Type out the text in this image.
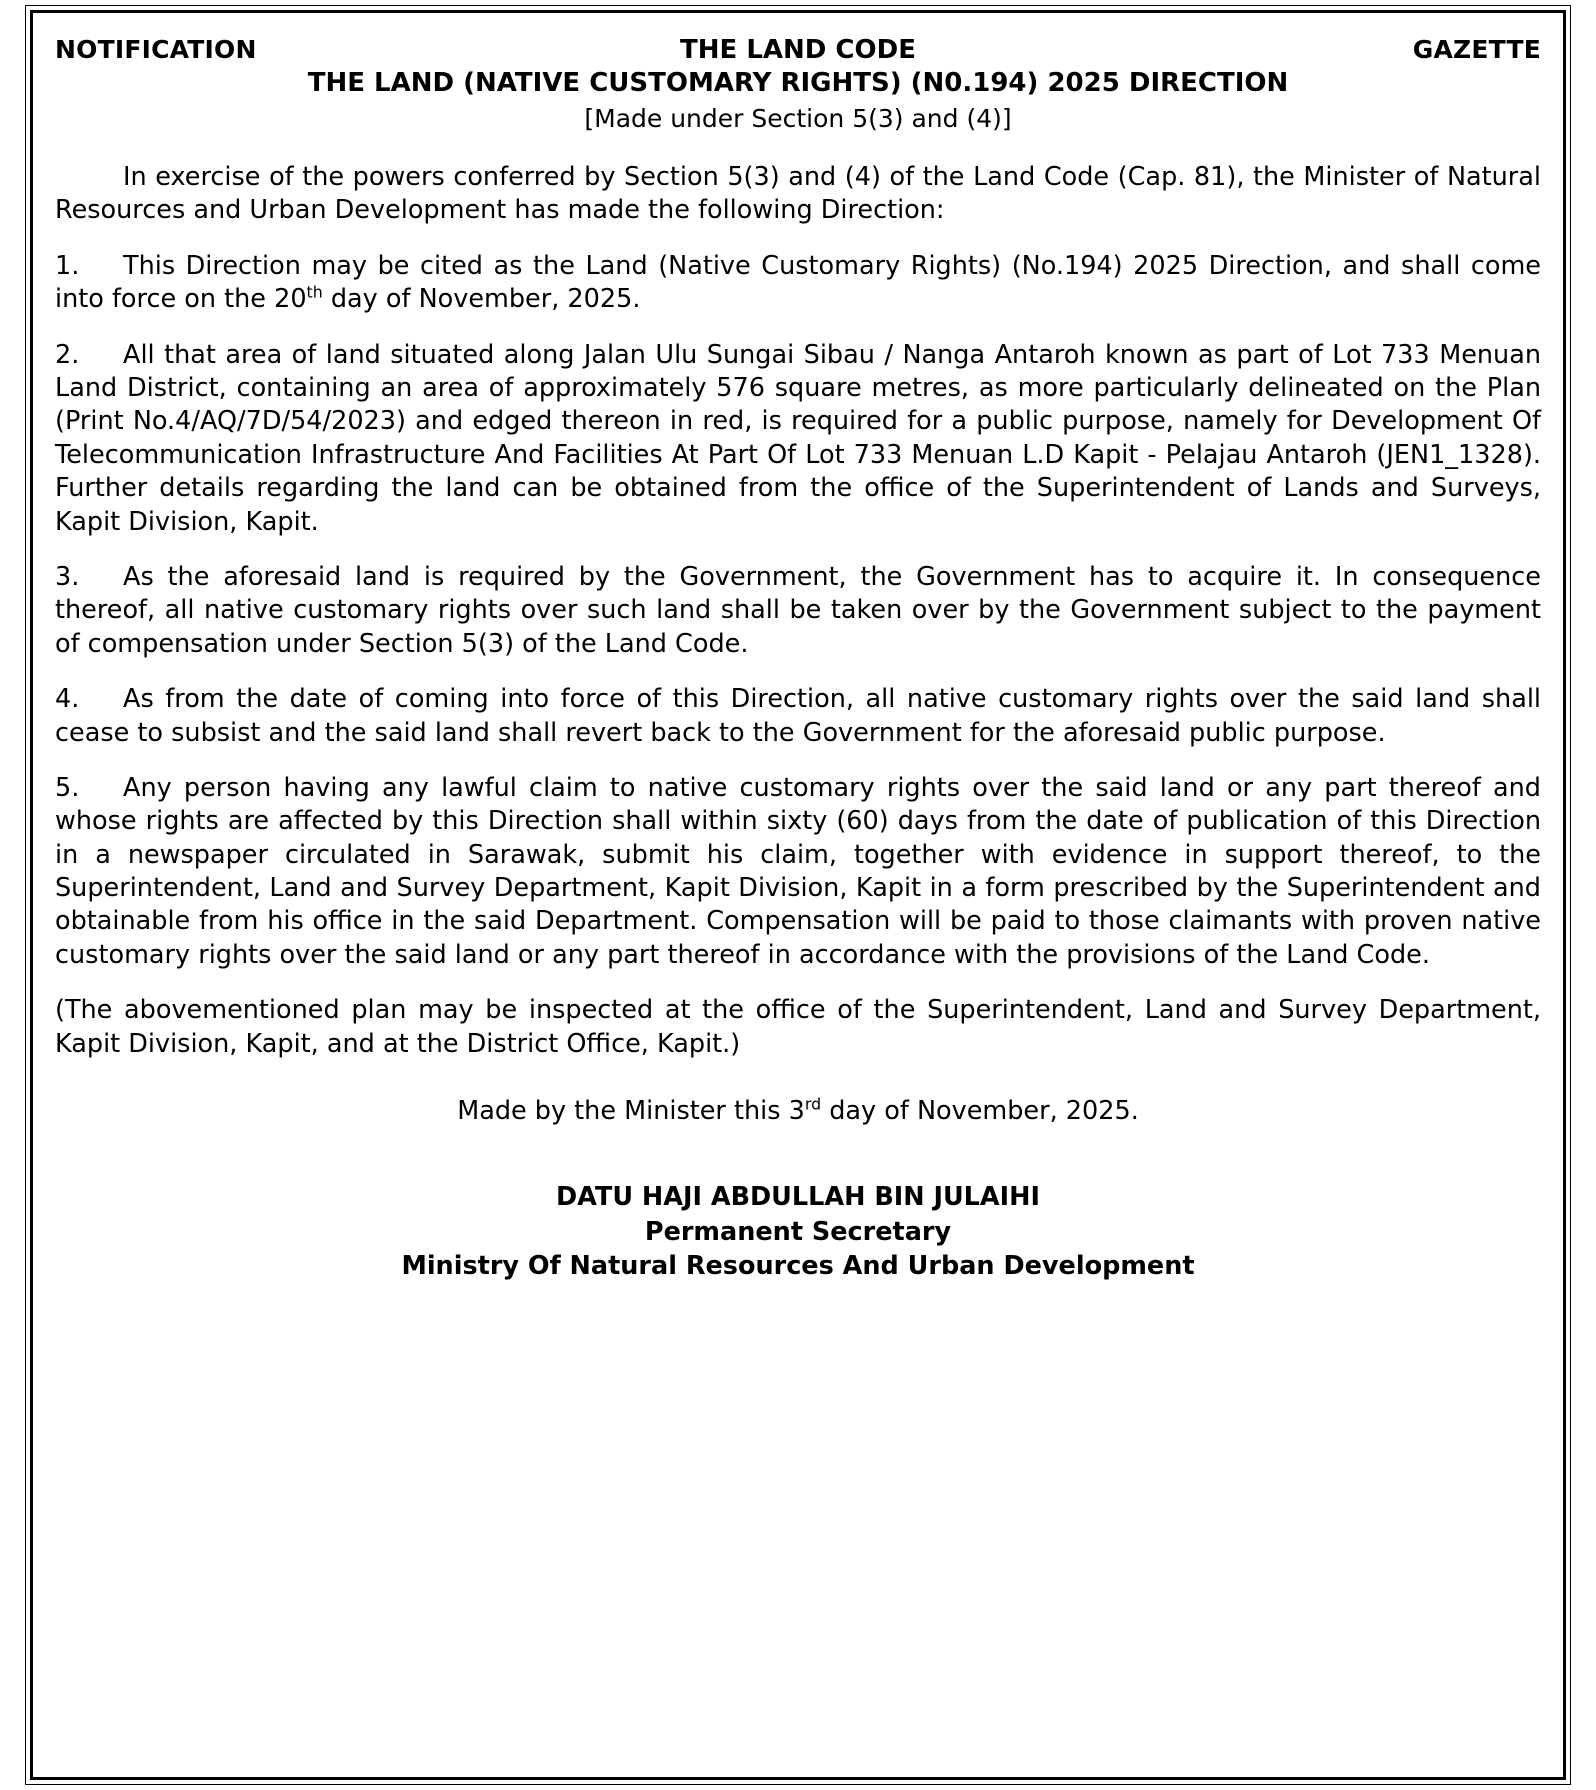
NOTIFICATION	GAZETTE
THE LAND CODE
THE LAND (NATIVE CUSTOMARY RIGHTS) (N0.194) 2025 DIRECTION
[Made under Section 5(3) and (4)]

In exercise of the powers conferred by Section 5(3) and (4) of the Land Code (Cap. 81), the Minister of Natural Resources and Urban Development has made the following Direction:

1. This Direction may be cited as the Land (Native Customary Rights) (No.194) 2025 Direction, and shall come into force on the 20th day of November, 2025.

2. All that area of land situated along Jalan Ulu Sungai Sibau / Nanga Antaroh known as part of Lot 733 Menuan Land District, containing an area of approximately 576 square metres, as more particularly delineated on the Plan (Print No.4/AQ/7D/54/2023) and edged thereon in red, is required for a public purpose, namely for Development Of Telecommunication Infrastructure And Facilities At Part Of Lot 733 Menuan L.D Kapit - Pelajau Antaroh (JEN1_1328). Further details regarding the land can be obtained from the office of the Superintendent of Lands and Surveys, Kapit Division, Kapit.

3. As the aforesaid land is required by the Government, the Government has to acquire it. In consequence thereof, all native customary rights over such land shall be taken over by the Government subject to the payment of compensation under Section 5(3) of the Land Code.

4. As from the date of coming into force of this Direction, all native customary rights over the said land shall cease to subsist and the said land shall revert back to the Government for the aforesaid public purpose.

5. Any person having any lawful claim to native customary rights over the said land or any part thereof and whose rights are affected by this Direction shall within sixty (60) days from the date of publication of this Direction in a newspaper circulated in Sarawak, submit his claim, together with evidence in support thereof, to the Superintendent, Land and Survey Department, Kapit Division, Kapit in a form prescribed by the Superintendent and obtainable from his office in the said Department. Compensation will be paid to those claimants with proven native customary rights over the said land or any part thereof in accordance with the provisions of the Land Code.

(The abovementioned plan may be inspected at the office of the Superintendent, Land and Survey Department, Kapit Division, Kapit, and at the District Office, Kapit.)

Made by the Minister this 3rd day of November, 2025.

DATU HAJI ABDULLAH BIN JULAIHI
Permanent Secretary
Ministry Of Natural Resources And Urban Development
